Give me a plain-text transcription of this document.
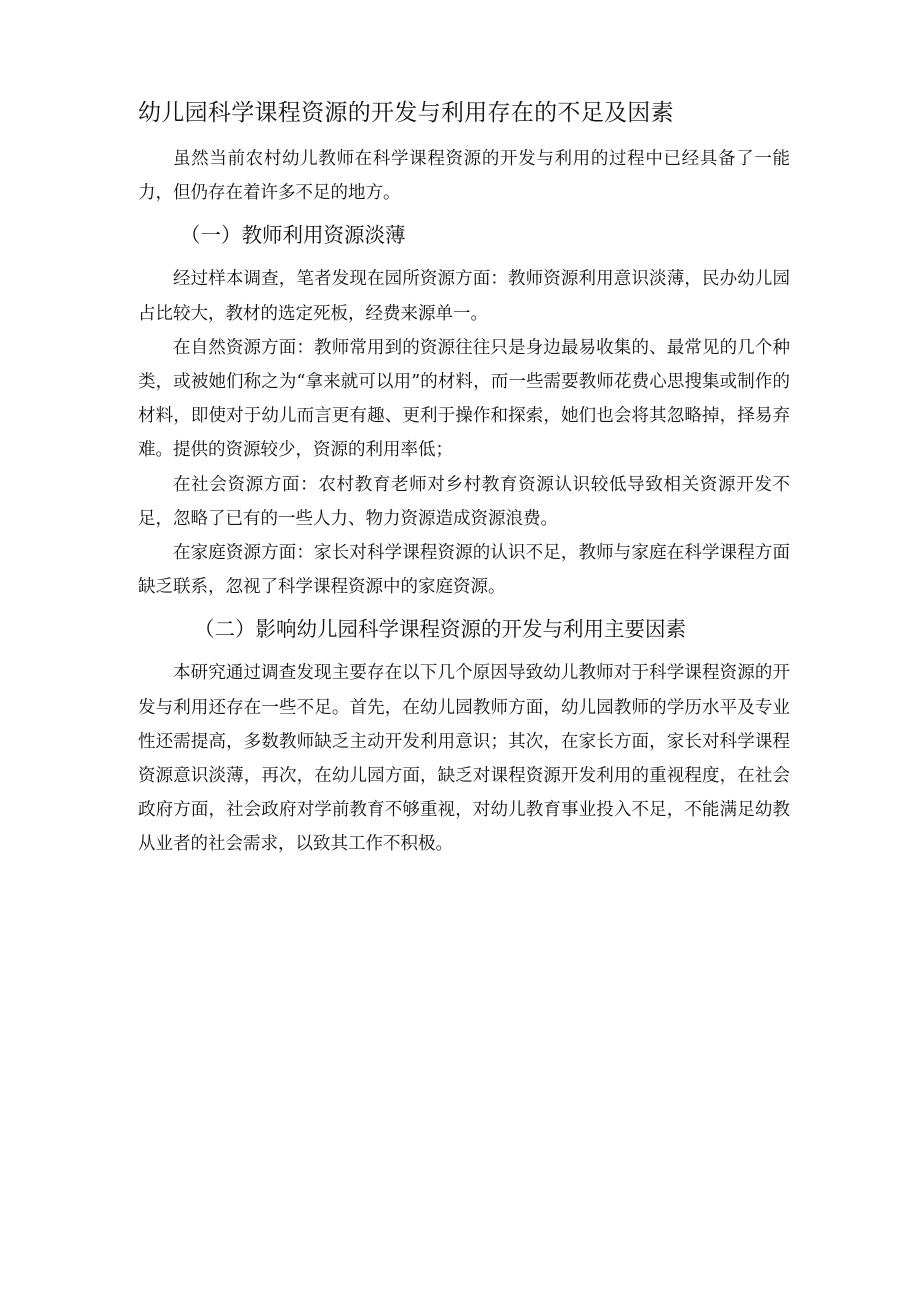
幼儿园科学课程资源的开发与利用存在的不足及因素

虽然当前农村幼儿教师在科学课程资源的开发与利用的过程中已经具备了一能力，但仍存在着许多不足的地方。

（一）教师利用资源淡薄

经过样本调查，笔者发现在园所资源方面：教师资源利用意识淡薄，民办幼儿园占比较大，教材的选定死板，经费来源单一。

在自然资源方面：教师常用到的资源往往只是身边最易收集的、最常见的几个种类，或被她们称之为“拿来就可以用”的材料，而一些需要教师花费心思搜集或制作的材料，即使对于幼儿而言更有趣、更利于操作和探索，她们也会将其忽略掉，择易弃难。提供的资源较少，资源的利用率低；

在社会资源方面：农村教育老师对乡村教育资源认识较低导致相关资源开发不足，忽略了已有的一些人力、物力资源造成资源浪费。

在家庭资源方面：家长对科学课程资源的认识不足，教师与家庭在科学课程方面缺乏联系，忽视了科学课程资源中的家庭资源。

（二）影响幼儿园科学课程资源的开发与利用主要因素

本研究通过调查发现主要存在以下几个原因导致幼儿教师对于科学课程资源的开发与利用还存在一些不足。首先，在幼儿园教师方面，幼儿园教师的学历水平及专业性还需提高，多数教师缺乏主动开发利用意识；其次，在家长方面，家长对科学课程资源意识淡薄，再次，在幼儿园方面，缺乏对课程资源开发利用的重视程度，在社会政府方面，社会政府对学前教育不够重视，对幼儿教育事业投入不足，不能满足幼教从业者的社会需求，以致其工作不积极。
